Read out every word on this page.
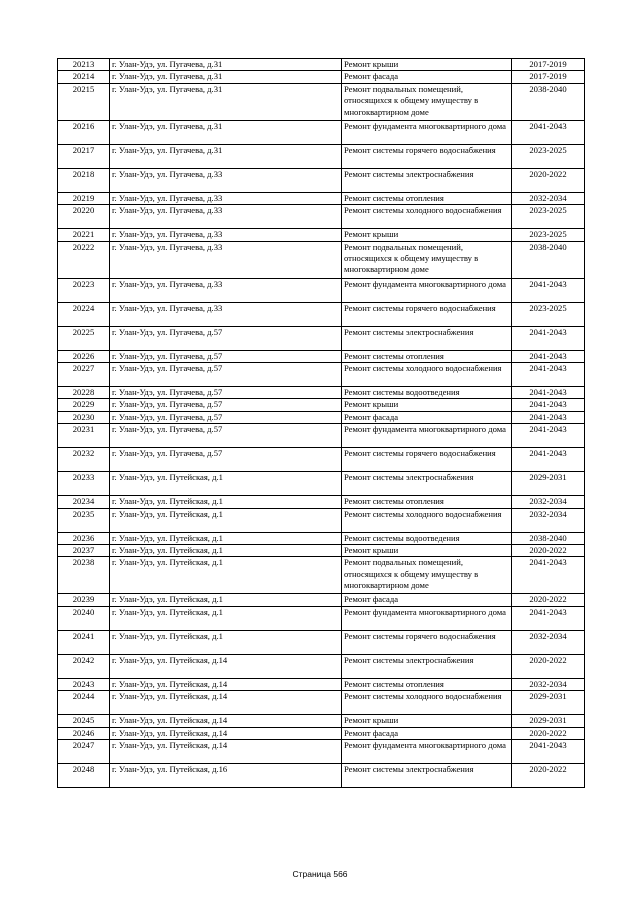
20213	г. Улан-Удэ, ул. Пугачева, д.31	Ремонт крыши	2017-2019
20214	г. Улан-Удэ, ул. Пугачева, д.31	Ремонт фасада	2017-2019
20215	г. Улан-Удэ, ул. Пугачева, д.31	Ремонт подвальных помещений, относящихся к общему имуществу в многоквартирном доме	2038-2040
20216	г. Улан-Удэ, ул. Пугачева, д.31	Ремонт фундамента многоквартирного дома	2041-2043
20217	г. Улан-Удэ, ул. Пугачева, д.31	Ремонт системы горячего водоснабжения	2023-2025
20218	г. Улан-Удэ, ул. Пугачева, д.33	Ремонт системы электроснабжения	2020-2022
20219	г. Улан-Удэ, ул. Пугачева, д.33	Ремонт системы отопления	2032-2034
20220	г. Улан-Удэ, ул. Пугачева, д.33	Ремонт системы холодного водоснабжения	2023-2025
20221	г. Улан-Удэ, ул. Пугачева, д.33	Ремонт крыши	2023-2025
20222	г. Улан-Удэ, ул. Пугачева, д.33	Ремонт подвальных помещений, относящихся к общему имуществу в многоквартирном доме	2038-2040
20223	г. Улан-Удэ, ул. Пугачева, д.33	Ремонт фундамента многоквартирного дома	2041-2043
20224	г. Улан-Удэ, ул. Пугачева, д.33	Ремонт системы горячего водоснабжения	2023-2025
20225	г. Улан-Удэ, ул. Пугачева, д.57	Ремонт системы электроснабжения	2041-2043
20226	г. Улан-Удэ, ул. Пугачева, д.57	Ремонт системы отопления	2041-2043
20227	г. Улан-Удэ, ул. Пугачева, д.57	Ремонт системы холодного водоснабжения	2041-2043
20228	г. Улан-Удэ, ул. Пугачева, д.57	Ремонт системы водоотведения	2041-2043
20229	г. Улан-Удэ, ул. Пугачева, д.57	Ремонт крыши	2041-2043
20230	г. Улан-Удэ, ул. Пугачева, д.57	Ремонт фасада	2041-2043
20231	г. Улан-Удэ, ул. Пугачева, д.57	Ремонт фундамента многоквартирного дома	2041-2043
20232	г. Улан-Удэ, ул. Пугачева, д.57	Ремонт системы горячего водоснабжения	2041-2043
20233	г. Улан-Удэ, ул. Путейская, д.1	Ремонт системы электроснабжения	2029-2031
20234	г. Улан-Удэ, ул. Путейская, д.1	Ремонт системы отопления	2032-2034
20235	г. Улан-Удэ, ул. Путейская, д.1	Ремонт системы холодного водоснабжения	2032-2034
20236	г. Улан-Удэ, ул. Путейская, д.1	Ремонт системы водоотведения	2038-2040
20237	г. Улан-Удэ, ул. Путейская, д.1	Ремонт крыши	2020-2022
20238	г. Улан-Удэ, ул. Путейская, д.1	Ремонт подвальных помещений, относящихся к общему имуществу в многоквартирном доме	2041-2043
20239	г. Улан-Удэ, ул. Путейская, д.1	Ремонт фасада	2020-2022
20240	г. Улан-Удэ, ул. Путейская, д.1	Ремонт фундамента многоквартирного дома	2041-2043
20241	г. Улан-Удэ, ул. Путейская, д.1	Ремонт системы горячего водоснабжения	2032-2034
20242	г. Улан-Удэ, ул. Путейская, д.14	Ремонт системы электроснабжения	2020-2022
20243	г. Улан-Удэ, ул. Путейская, д.14	Ремонт системы отопления	2032-2034
20244	г. Улан-Удэ, ул. Путейская, д.14	Ремонт системы холодного водоснабжения	2029-2031
20245	г. Улан-Удэ, ул. Путейская, д.14	Ремонт крыши	2029-2031
20246	г. Улан-Удэ, ул. Путейская, д.14	Ремонт фасада	2020-2022
20247	г. Улан-Удэ, ул. Путейская, д.14	Ремонт фундамента многоквартирного дома	2041-2043
20248	г. Улан-Удэ, ул. Путейская, д.16	Ремонт системы электроснабжения	2020-2022
Страница 566
